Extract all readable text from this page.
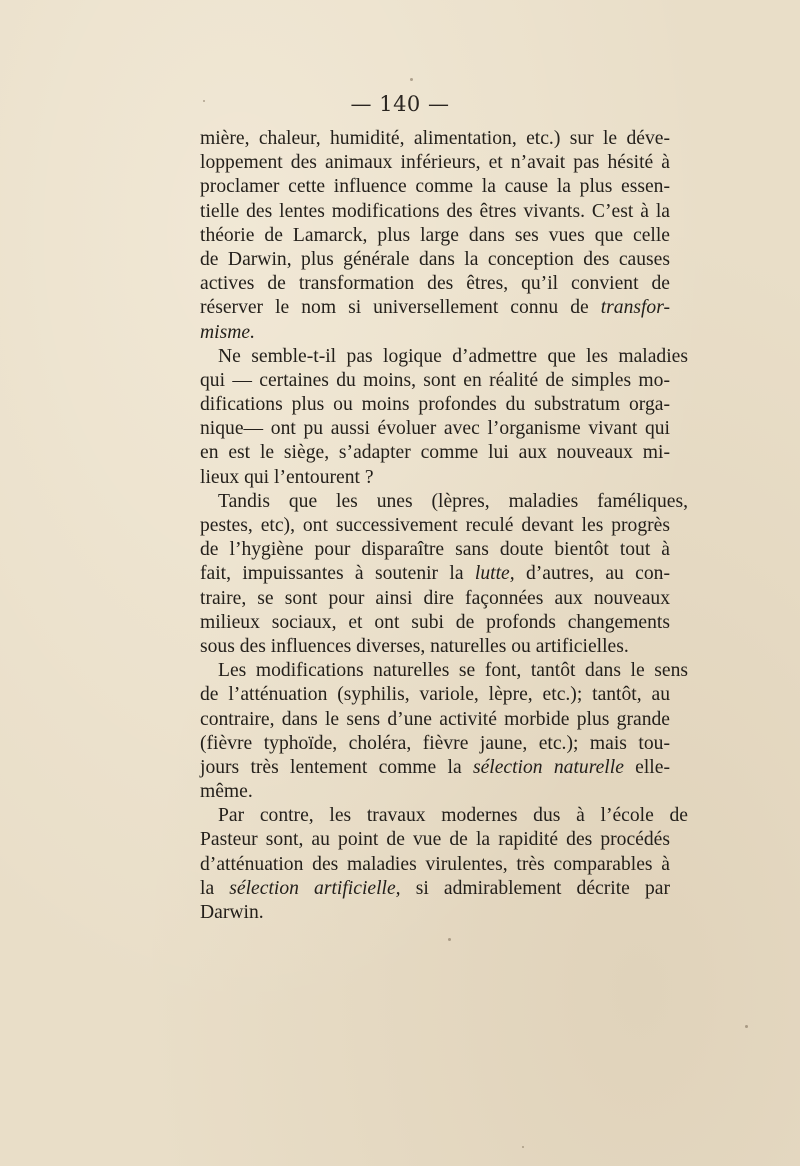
— 140 —
mière, chaleur, humidité, alimentation, etc.) sur le déve-
loppement des animaux inférieurs, et n’avait pas hésité à
proclamer cette influence comme la cause la plus essen-
tielle des lentes modifications des êtres vivants. C’est à la
théorie de Lamarck, plus large dans ses vues que celle
de Darwin, plus générale dans la conception des causes
actives de transformation des êtres, qu’il convient de
réserver le nom si universellement connu de transfor-
misme.
Ne semble-t-il pas logique d’admettre que les maladies
qui — certaines du moins, sont en réalité de simples mo-
difications plus ou moins profondes du substratum orga-
nique— ont pu aussi évoluer avec l’organisme vivant qui
en est le siège, s’adapter comme lui aux nouveaux mi-
lieux qui l’entourent ?
Tandis que les unes (lèpres, maladies faméliques,
pestes, etc), ont successivement reculé devant les progrès
de l’hygiène pour disparaître sans doute bientôt tout à
fait, impuissantes à soutenir la lutte, d’autres, au con-
traire, se sont pour ainsi dire façonnées aux nouveaux
milieux sociaux, et ont subi de profonds changements
sous des influences diverses, naturelles ou artificielles.
Les modifications naturelles se font, tantôt dans le sens
de l’atténuation (syphilis, variole, lèpre, etc.); tantôt, au
contraire, dans le sens d’une activité morbide plus grande
(fièvre typhoïde, choléra, fièvre jaune, etc.); mais tou-
jours très lentement comme la sélection naturelle elle-
même.
Par contre, les travaux modernes dus à l’école de
Pasteur sont, au point de vue de la rapidité des procédés
d’atténuation des maladies virulentes, très comparables à
la sélection artificielle, si admirablement décrite par
Darwin.
